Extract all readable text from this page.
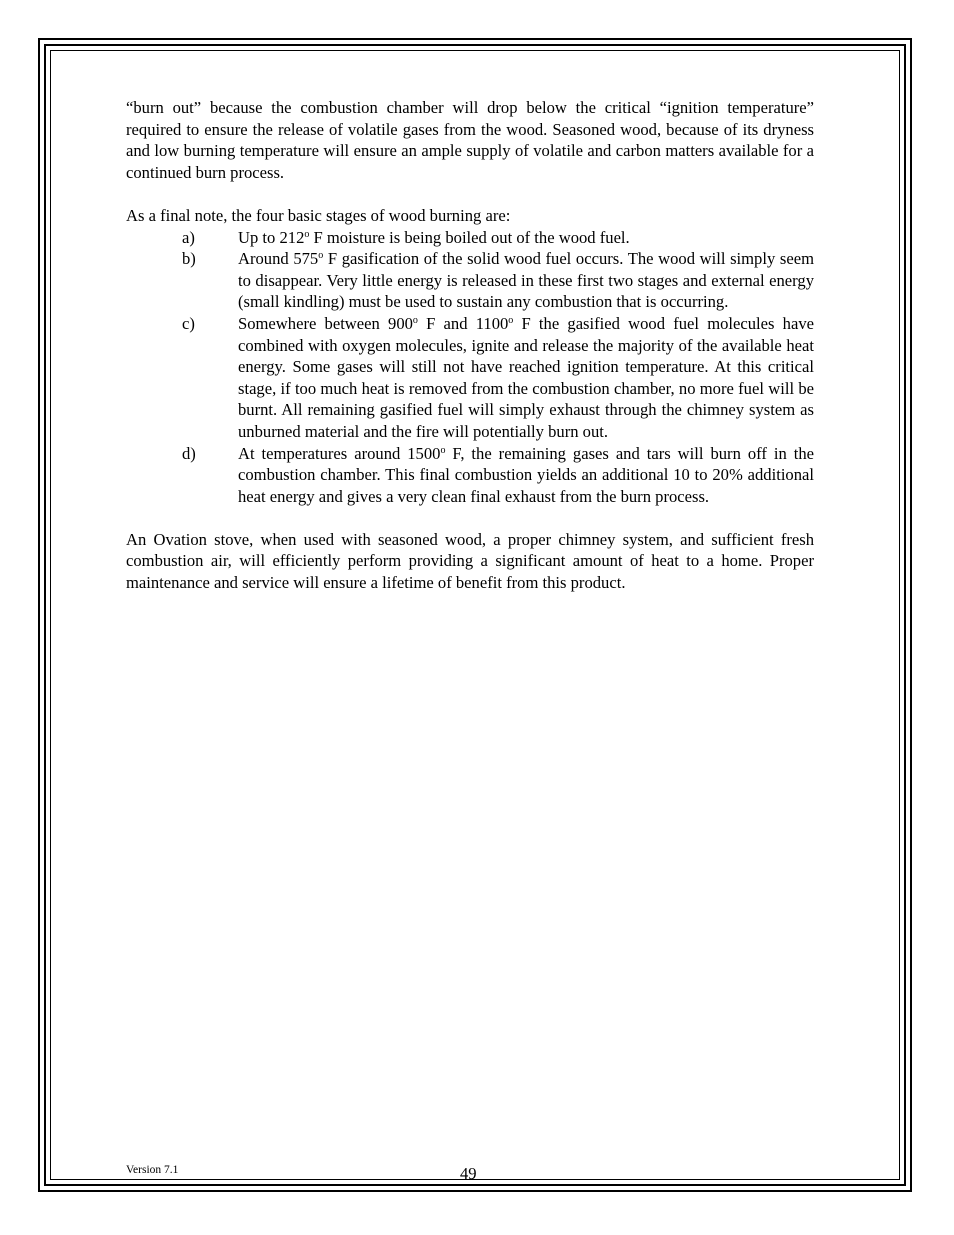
“burn out” because the combustion chamber will drop below the critical “ignition temperature” required to ensure the release of volatile gases from the wood. Seasoned wood, because of its dryness and low burning temperature will ensure an ample supply of volatile and carbon matters available for a continued burn process.

As a final note, the four basic stages of wood burning are:

a)	Up to 212$^o$ F moisture is being boiled out of the wood fuel.
b)	Around 575$^o$ F gasification of the solid wood fuel occurs. The wood will simply seem to disappear. Very little energy is released in these first two stages and external energy (small kindling) must be used to sustain any combustion that is occurring.
c)	Somewhere between 900$^o$ F and 1100$^o$ F the gasified wood fuel molecules have combined with oxygen molecules, ignite and release the majority of the available heat energy. Some gases will still not have reached ignition temperature. At this critical stage, if too much heat is removed from the combustion chamber, no more fuel will be burnt. All remaining gasified fuel will simply exhaust through the chimney system as unburned material and the fire will potentially burn out.
d)	At temperatures around 1500$^o$ F, the remaining gases and tars will burn off in the combustion chamber. This final combustion yields an additional 10 to 20% additional heat energy and gives a very clean final exhaust from the burn process.

An Ovation stove, when used with seasoned wood, a proper chimney system, and sufficient fresh combustion air, will efficiently perform providing a significant amount of heat to a home. Proper maintenance and service will ensure a lifetime of benefit from this product.

Version 7.1	49
